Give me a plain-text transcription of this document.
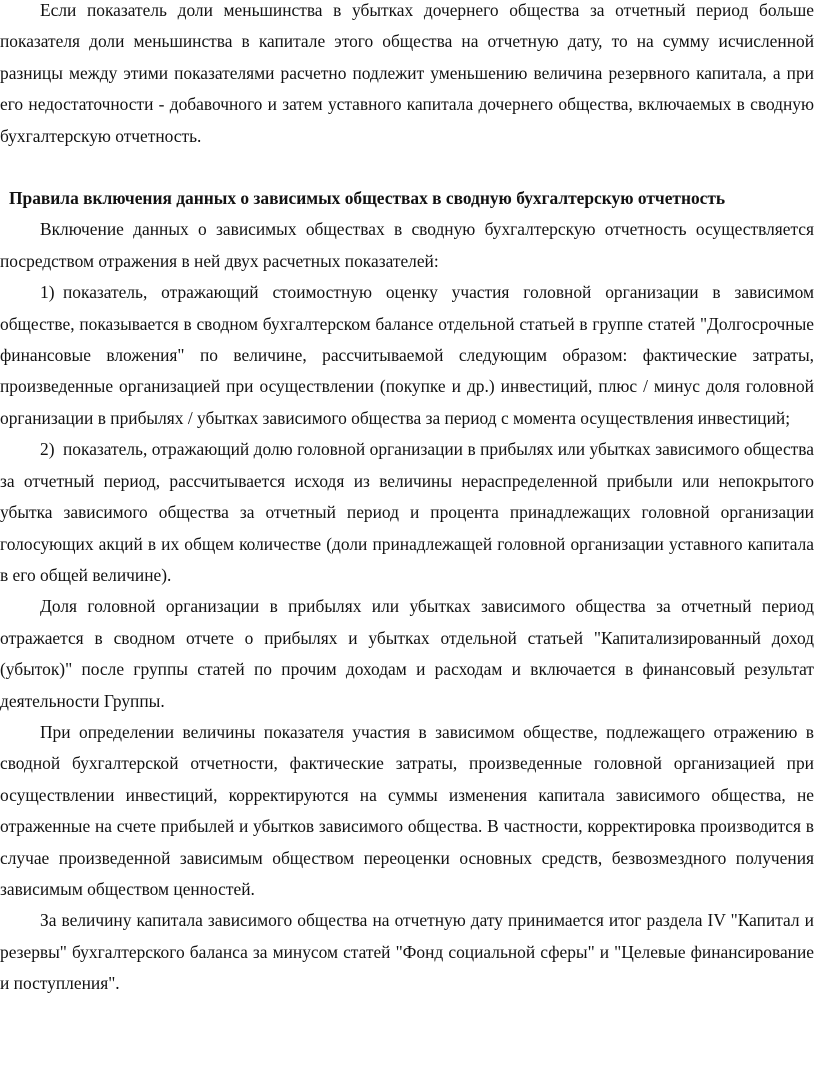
Если показатель доли меньшинства в убытках дочернего общества за отчетный период больше показателя доли меньшинства в капитале этого общества на отчетную дату, то на сумму исчисленной разницы между этими показателями расчетно подлежит уменьшению величина резервного капитала, а при его недостаточности - добавочного и затем уставного капитала дочернего общества, включаемых в сводную бухгалтерскую отчетность.

Правила включения данных о зависимых обществах в сводную бухгалтерскую отчетность

Включение данных о зависимых обществах в сводную бухгалтерскую отчетность осуществляется посредством отражения в ней двух расчетных показателей:

1) показатель, отражающий стоимостную оценку участия головной организации в зависимом обществе, показывается в сводном бухгалтерском балансе отдельной статьей в группе статей "Долгосрочные финансовые вложения" по величине, рассчитываемой следующим образом: фактические затраты, произведенные организацией при осуществлении (покупке и др.) инвестиций, плюс / минус доля головной организации в прибылях / убытках зависимого общества за период с момента осуществления инвестиций;

2) показатель, отражающий долю головной организации в прибылях или убытках зависимого общества за отчетный период, рассчитывается исходя из величины нераспределенной прибыли или непокрытого убытка зависимого общества за отчетный период и процента принадлежащих головной организации голосующих акций в их общем количестве (доли принадлежащей головной организации уставного капитала в его общей величине).

Доля головной организации в прибылях или убытках зависимого общества за отчетный период отражается в сводном отчете о прибылях и убытках отдельной статьей "Капитализированный доход (убыток)" после группы статей по прочим доходам и расходам и включается в финансовый результат деятельности Группы.

При определении величины показателя участия в зависимом обществе, подлежащего отражению в сводной бухгалтерской отчетности, фактические затраты, произведенные головной организацией при осуществлении инвестиций, корректируются на суммы изменения капитала зависимого общества, не отраженные на счете прибылей и убытков зависимого общества. В частности, корректировка производится в случае произведенной зависимым обществом переоценки основных средств, безвозмездного получения зависимым обществом ценностей.

За величину капитала зависимого общества на отчетную дату принимается итог раздела IV "Капитал и резервы" бухгалтерского баланса за минусом статей "Фонд социальной сферы" и "Целевые финансирование и поступления".
